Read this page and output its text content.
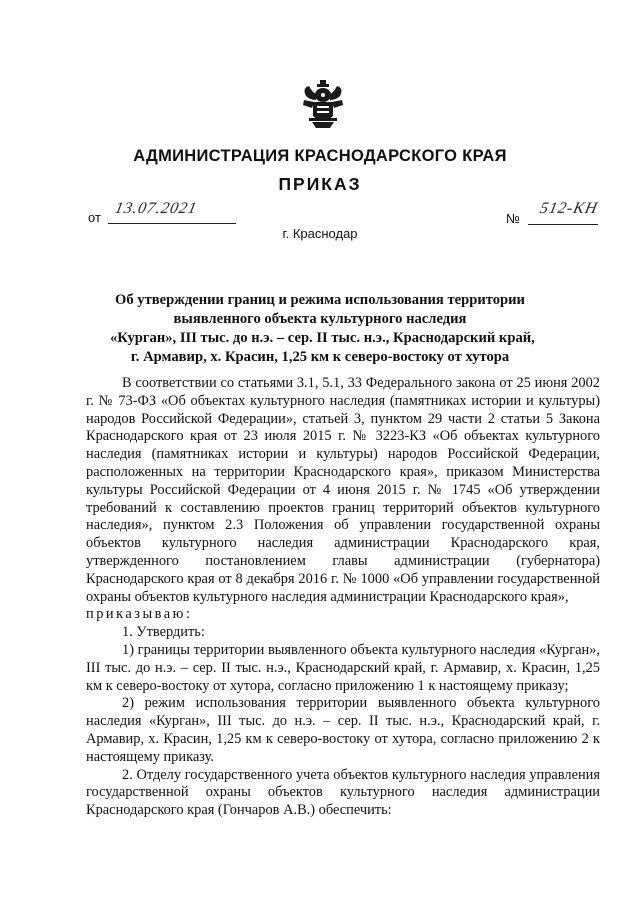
АДМИНИСТРАЦИЯ КРАСНОДАРСКОГО КРАЯ
ПРИКАЗ
от
13.07.2021
№
512-КН
г. Краснодар
Об утверждении границ и режима использования территории
выявленного объекта культурного наследия
«Курган», III тыс. до н.э. – сер. II тыс. н.э., Краснодарский край,
г. Армавир, х. Красин, 1,25 км к северо-востоку от хутора

В соответствии со статьями 3.1, 5.1, 33 Федерального закона от 25 июня 2002 г. № 73-ФЗ «Об объектах культурного наследия (памятниках истории и культуры) народов Российской Федерации», статьей 3, пунктом 29 части 2 статьи 5 Закона Краснодарского края от 23 июля 2015 г. № 3223-КЗ «Об объектах культурного наследия (памятниках истории и культуры) народов Российской Федерации, расположенных на территории Краснодарского края», приказом Министерства культуры Российской Федерации от 4 июня 2015 г. № 1745 «Об утверждении требований к составлению проектов границ территорий объектов культурного наследия», пунктом 2.3 Положения об управлении государственной охраны объектов культурного наследия администрации Краснодарского края, утвержденного постановлением главы администрации (губернатора) Краснодарского края от 8 декабря 2016 г. № 1000 «Об управлении государственной охраны объектов культурного наследия администрации Краснодарского края»,

приказываю:

1. Утвердить:

1) границы территории выявленного объекта культурного наследия «Курган», III тыс. до н.э. – сер. II тыс. н.э., Краснодарский край, г. Армавир, х. Красин, 1,25 км к северо-востоку от хутора, согласно приложению 1 к настоящему приказу;

2) режим использования территории выявленного объекта культурного наследия «Курган», III тыс. до н.э. – сер. II тыс. н.э., Краснодарский край, г. Армавир, х. Красин, 1,25 км к северо-востоку от хутора, согласно приложению 2 к настоящему приказу.

2. Отделу государственного учета объектов культурного наследия управления государственной охраны объектов культурного наследия администрации Краснодарского края (Гончаров А.В.) обеспечить:
